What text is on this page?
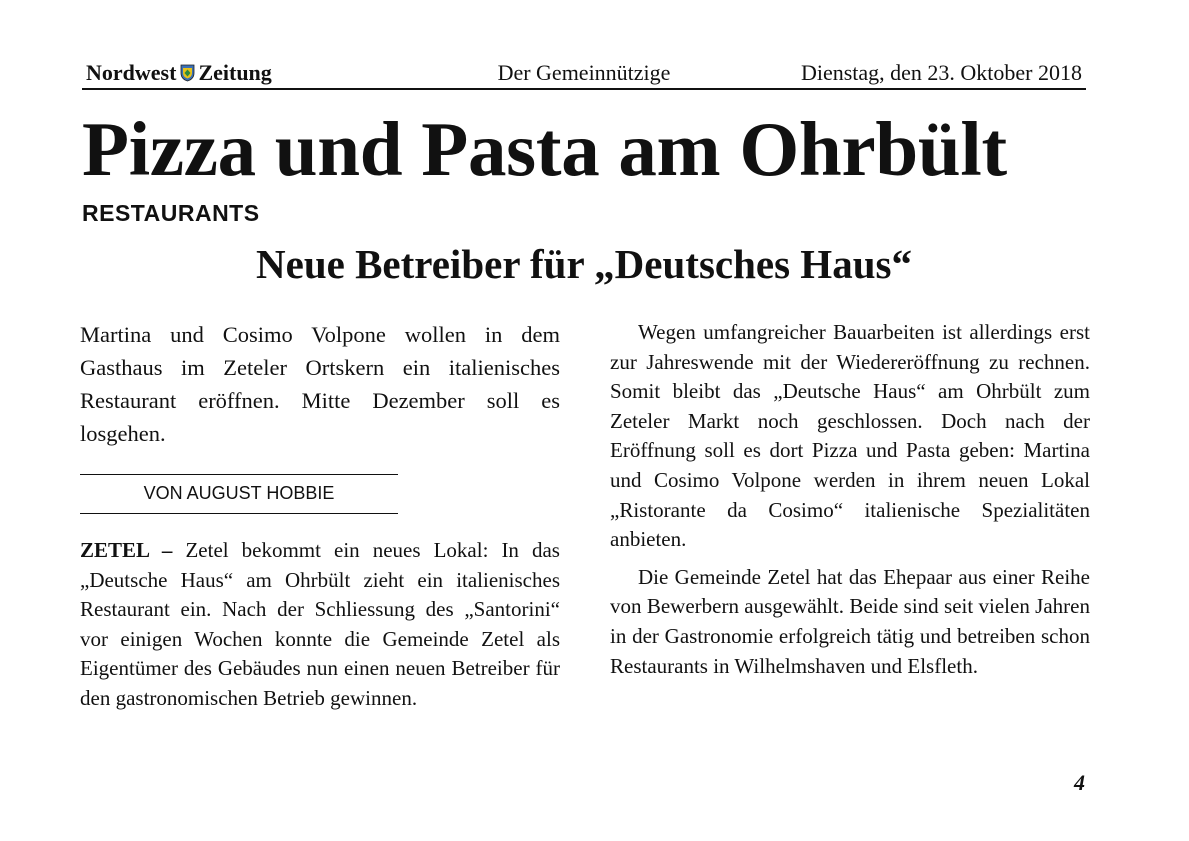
Nordwest Zeitung	Der Gemeinnützige	Dienstag, den 23. Oktober 2018
Pizza und Pasta am Ohrbült
RESTAURANTS
Neue Betreiber für „Deutsches Haus“
Martina und Cosimo Volpone wollen in dem Gasthaus im Zeteler Ortskern ein italienisches Restaurant eröffnen. Mitte Dezember soll es losgehen.
VON AUGUST HOBBIE
ZETEL – Zetel bekommt ein neues Lokal: In das „Deutsche Haus“ am Ohrbült zieht ein italienisches Restaurant ein. Nach der Schliessung des „Santorini“ vor einigen Wochen konnte die Gemeinde Zetel als Eigentümer des Gebäudes nun einen neuen Betreiber für den gastronomischen Betrieb gewinnen.

Wegen umfangreicher Bauarbeiten ist allerdings erst zur Jahreswende mit der Wiedereröffnung zu rechnen. Somit bleibt das „Deutsche Haus“ am Ohrbült zum Zeteler Markt noch geschlossen. Doch nach der Eröffnung soll es dort Pizza und Pasta geben: Martina und Cosimo Volpone werden in ihrem neuen Lokal „Ristorante da Cosimo“ italienische Spezialitäten anbieten.

Die Gemeinde Zetel hat das Ehepaar aus einer Reihe von Bewerbern ausgewählt. Beide sind seit vielen Jahren in der Gastronomie erfolgreich tätig und betreiben schon Restaurants in Wilhelmshaven und Elsfleth.

4
